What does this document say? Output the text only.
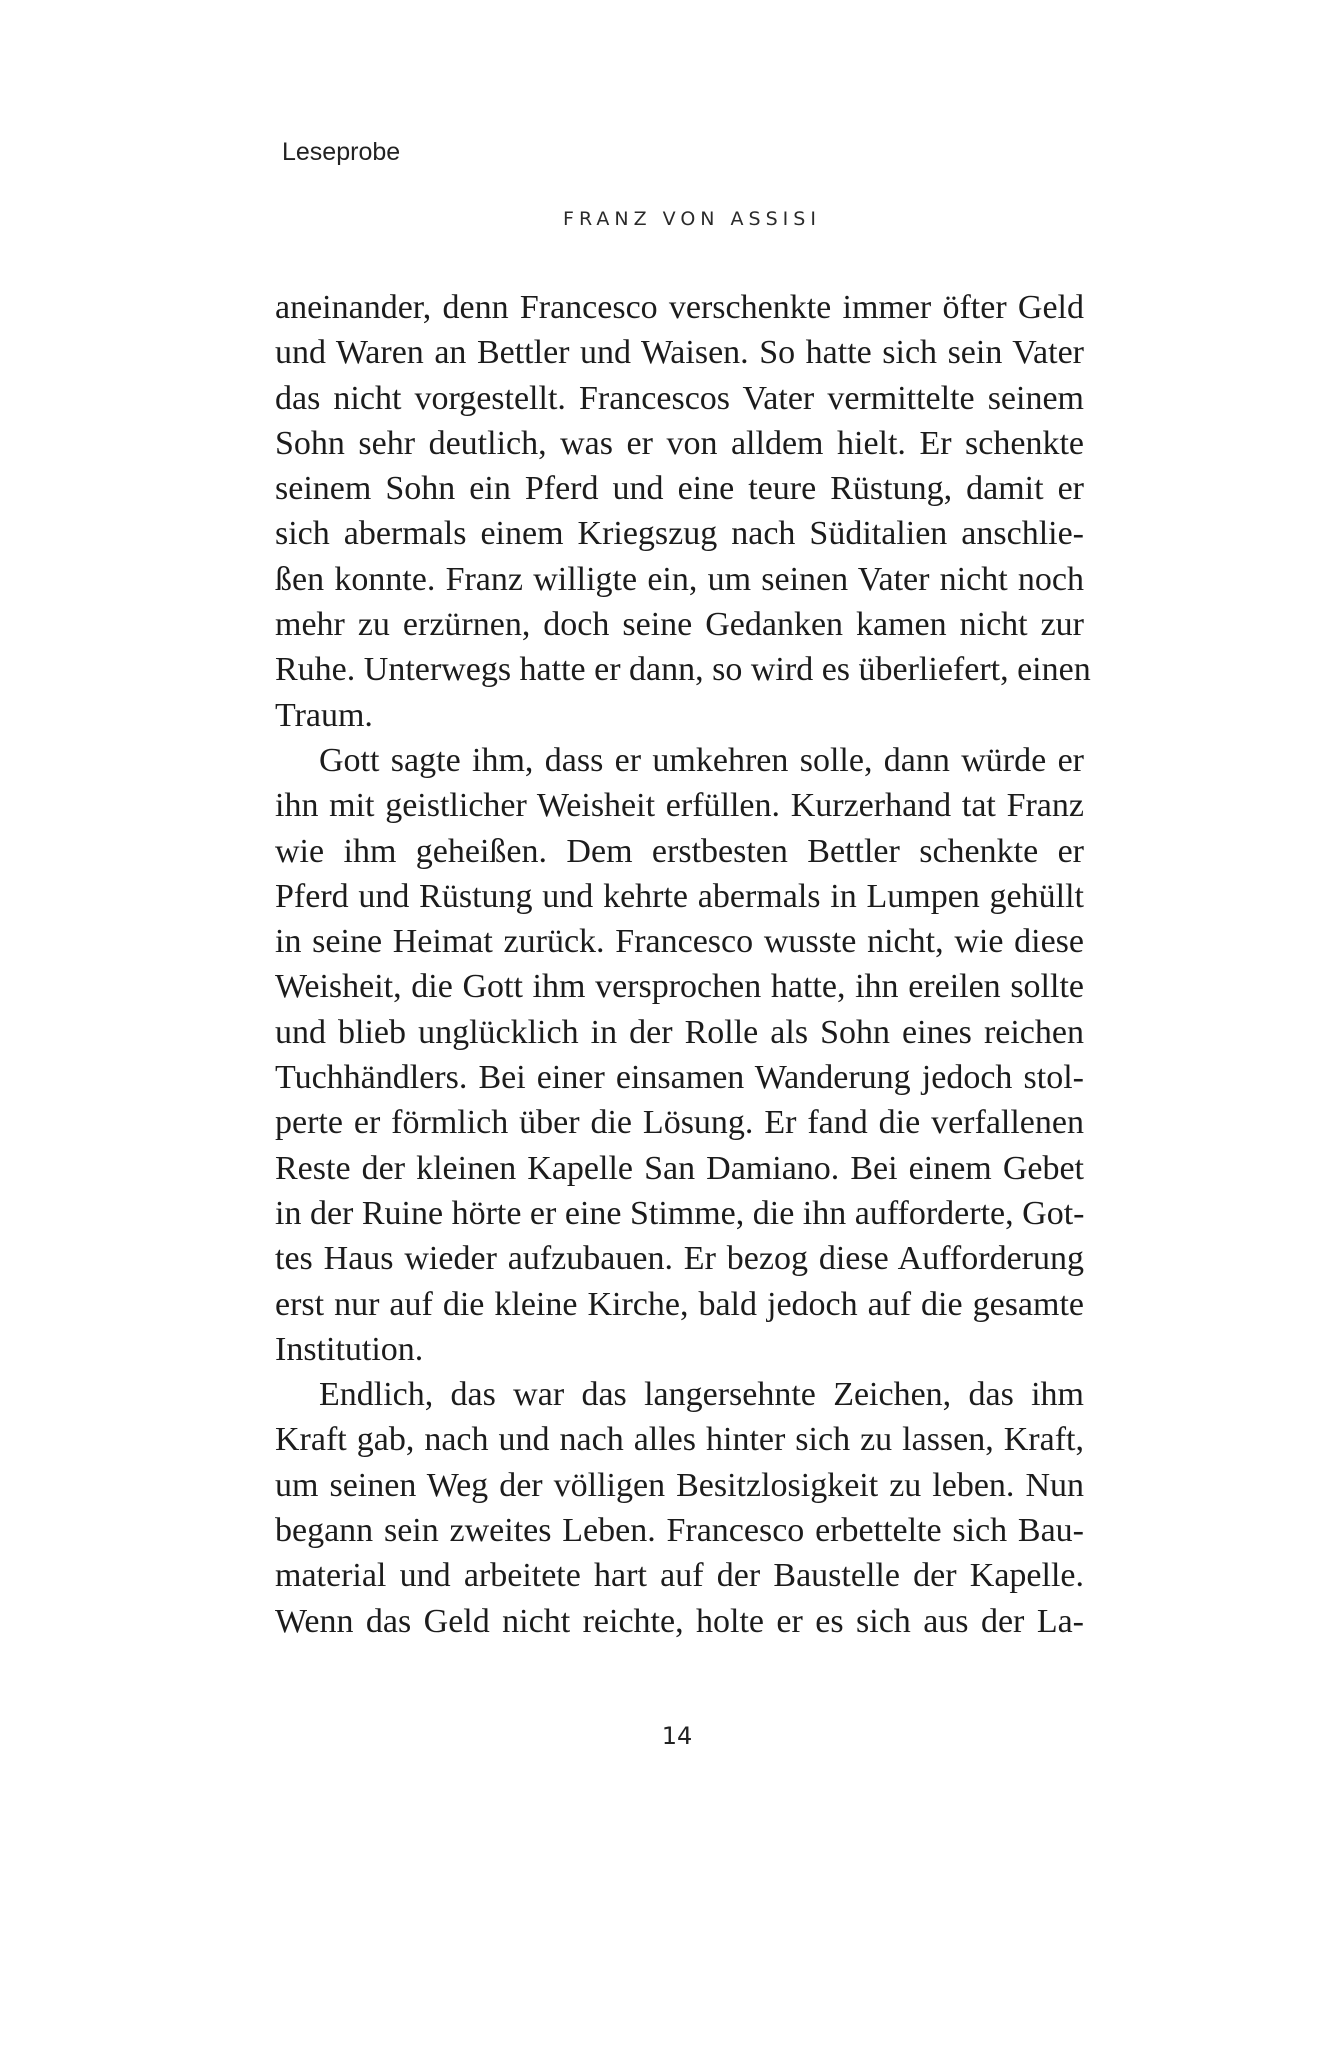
Leseprobe
FRANZ VON ASSISI
aneinander, denn Francesco verschenkte immer öfter Geld
und Waren an Bettler und Waisen. So hatte sich sein Vater
das nicht vorgestellt. Francescos Vater vermittelte seinem
Sohn sehr deutlich, was er von alldem hielt. Er schenkte
seinem Sohn ein Pferd und eine teure Rüstung, damit er
sich abermals einem Kriegszug nach Süditalien anschlie-
ßen konnte. Franz willigte ein, um seinen Vater nicht noch
mehr zu erzürnen, doch seine Gedanken kamen nicht zur
Ruhe. Unterwegs hatte er dann, so wird es überliefert, einen
Traum.
Gott sagte ihm, dass er umkehren solle, dann würde er
ihn mit geistlicher Weisheit erfüllen. Kurzerhand tat Franz
wie ihm geheißen. Dem erstbesten Bettler schenkte er
Pferd und Rüstung und kehrte abermals in Lumpen gehüllt
in seine Heimat zurück. Francesco wusste nicht, wie diese
Weisheit, die Gott ihm versprochen hatte, ihn ereilen sollte
und blieb unglücklich in der Rolle als Sohn eines reichen
Tuchhändlers. Bei einer einsamen Wanderung jedoch stol-
perte er förmlich über die Lösung. Er fand die verfallenen
Reste der kleinen Kapelle San Damiano. Bei einem Gebet
in der Ruine hörte er eine Stimme, die ihn aufforderte, Got-
tes Haus wieder aufzubauen. Er bezog diese Aufforderung
erst nur auf die kleine Kirche, bald jedoch auf die gesamte
Institution.
Endlich, das war das langersehnte Zeichen, das ihm
Kraft gab, nach und nach alles hinter sich zu lassen, Kraft,
um seinen Weg der völligen Besitzlosigkeit zu leben. Nun
begann sein zweites Leben. Francesco erbettelte sich Bau-
material und arbeitete hart auf der Baustelle der Kapelle.
Wenn das Geld nicht reichte, holte er es sich aus der La-
14
